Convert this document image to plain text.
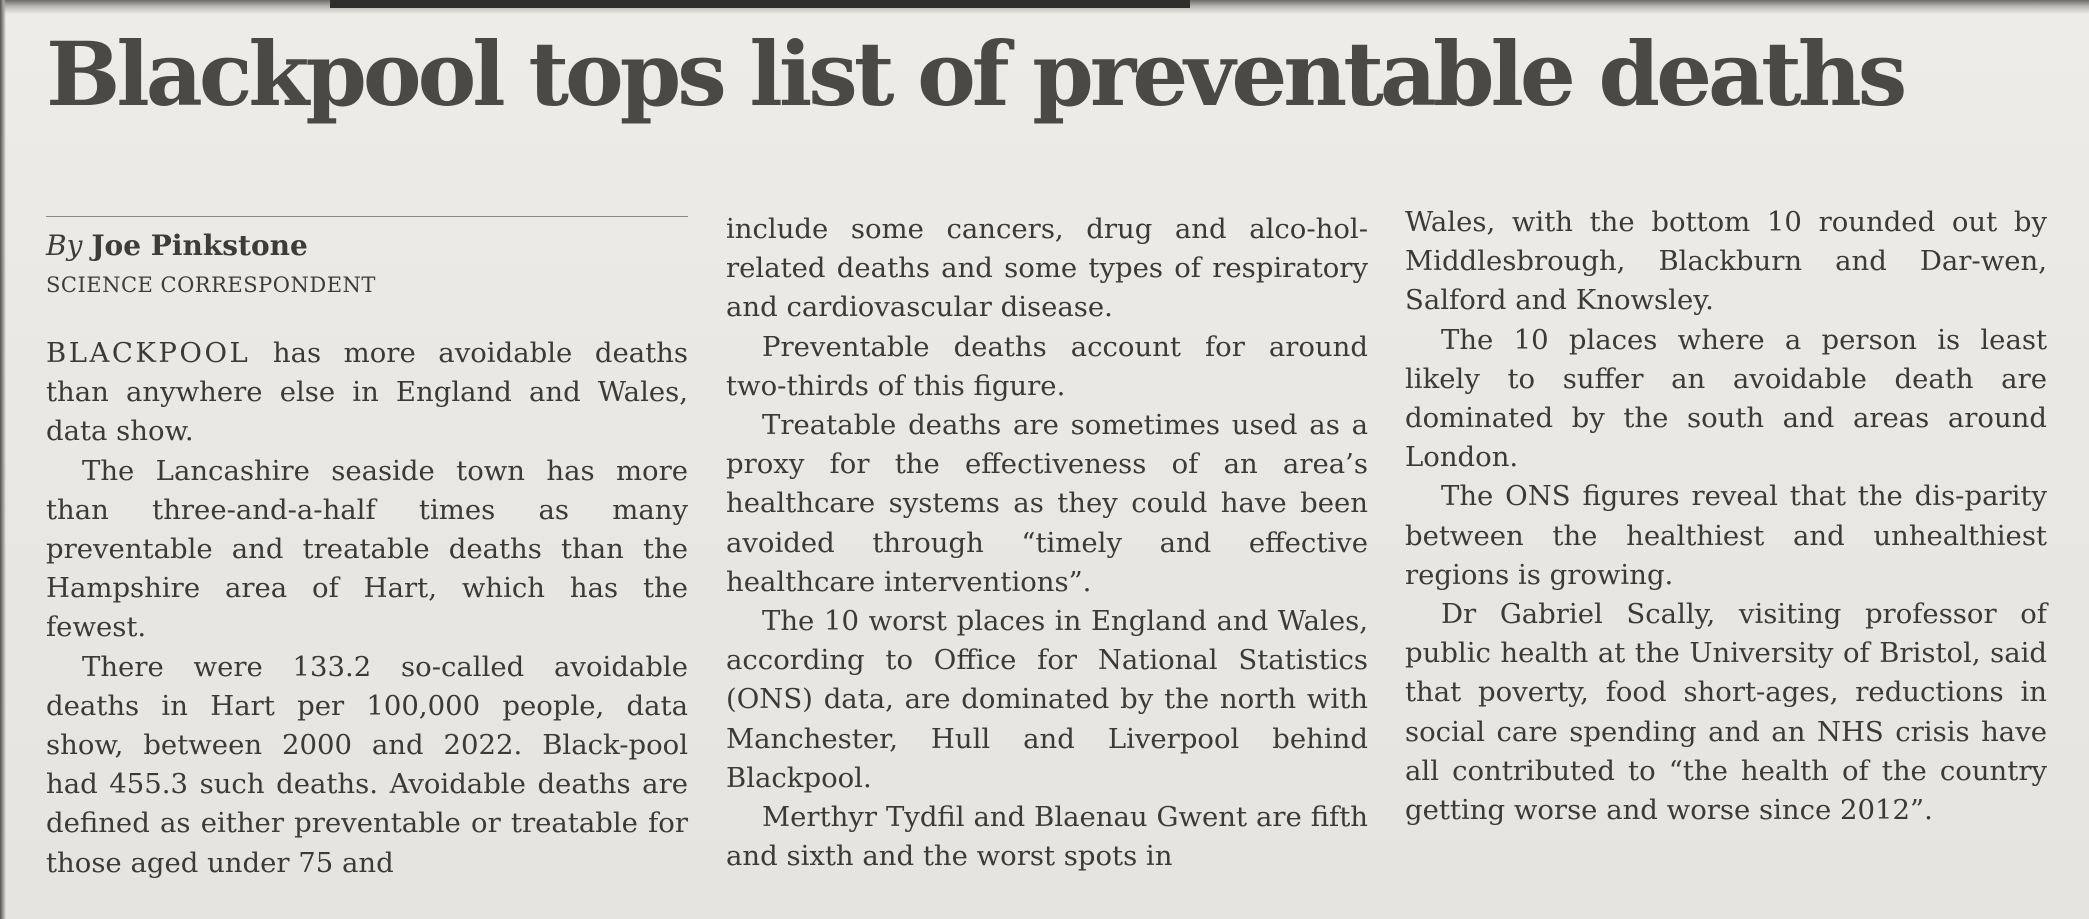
Blackpool tops list of preventable deaths
By Joe Pinkstone
SCIENCE CORRESPONDENT

BLACKPOOL has more avoidable deaths than anywhere else in England and Wales, data show.

The Lancashire seaside town has more than three-and-a-half times as many preventable and treatable deaths than the Hampshire area of Hart, which has the fewest.

There were 133.2 so-called avoidable deaths in Hart per 100,000 people, data show, between 2000 and 2022. Black-pool had 455.3 such deaths. Avoidable deaths are defined as either preventable or treatable for those aged under 75 and

include some cancers, drug and alco-hol-related deaths and some types of respiratory and cardiovascular disease.

Preventable deaths account for around two-thirds of this figure.

Treatable deaths are sometimes used as a proxy for the effectiveness of an area’s healthcare systems as they could have been avoided through “timely and effective healthcare interventions”.

The 10 worst places in England and Wales, according to Office for National Statistics (ONS) data, are dominated by the north with Manchester, Hull and Liverpool behind Blackpool.

Merthyr Tydfil and Blaenau Gwent are fifth and sixth and the worst spots in

Wales, with the bottom 10 rounded out by Middlesbrough, Blackburn and Dar-wen, Salford and Knowsley.

The 10 places where a person is least likely to suffer an avoidable death are dominated by the south and areas around London.

The ONS figures reveal that the dis-parity between the healthiest and unhealthiest regions is growing.

Dr Gabriel Scally, visiting professor of public health at the University of Bristol, said that poverty, food short-ages, reductions in social care spending and an NHS crisis have all contributed to “the health of the country getting worse and worse since 2012”.
